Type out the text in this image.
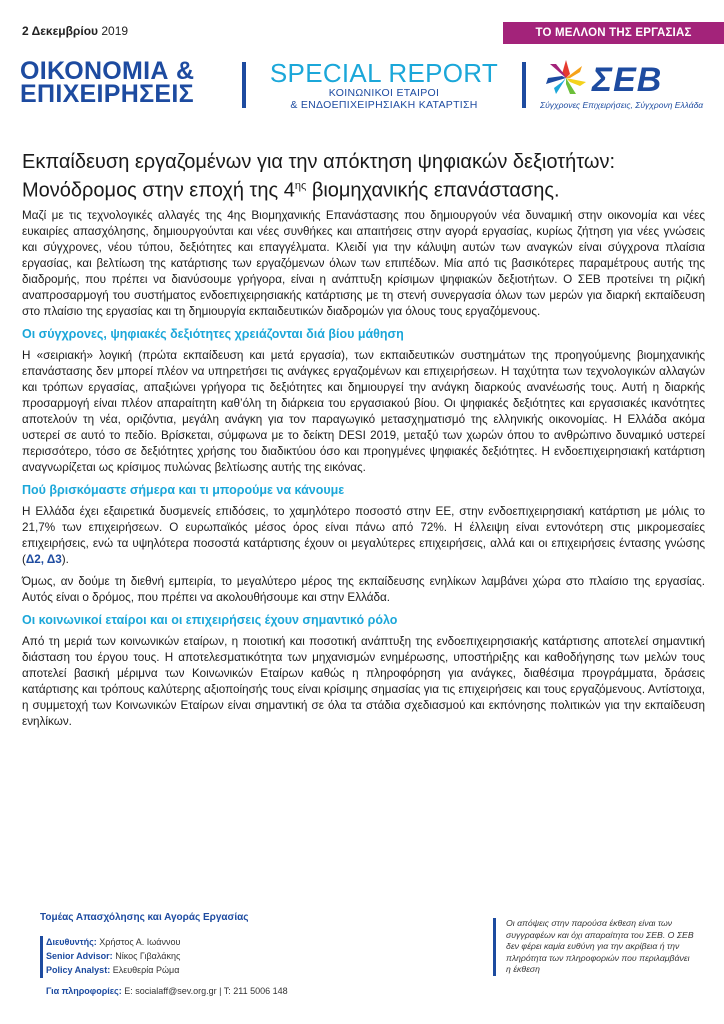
2 Δεκεμβρίου 2019	ΤΟ ΜΕΛΛΟΝ ΤΗΣ ΕΡΓΑΣΙΑΣ
ΟΙΚΟΝΟΜΙΑ &
ΕΠΙΧΕΙΡΗΣΕΙΣ
SPECIAL REPORT
ΚΟΙΝΩΝΙΚΟΙ ΕΤΑΙΡΟΙ
& ΕΝΔΟΕΠΙΧΕΙΡΗΣΙΑΚΗ ΚΑΤΑΡΤΙΣΗ
ΣΕΒ
Σύγχρονες Επιχειρήσεις, Σύγχρονη Ελλάδα
Εκπαίδευση εργαζομένων για την απόκτηση ψηφιακών δεξιοτήτων:
Μονόδρομος στην εποχή της $4^{\eta\varsigma}$ βιομηχανικής επανάστασης.

Μαζί με τις τεχνολογικές αλλαγές της 4ης Βιομηχανικής Επανάστασης που δημιουργούν νέα δυναμική στην οικονομία και νέες ευκαιρίες απασχόλησης, δημιουργούνται και νέες συνθήκες και απαιτήσεις στην αγορά εργασίας, κυρίως ζήτηση για νέες γνώσεις και σύγχρονες, νέου τύπου, δεξιότητες και επαγγέλματα. Κλειδί για την κάλυψη αυτών των αναγκών είναι σύγχρονα πλαίσια εργασίας, και βελτίωση της κατάρτισης των εργαζόμενων όλων των επιπέδων. Μία από τις βασικότερες παραμέτρους αυτής της διαδρομής, που πρέπει να διανύσουμε γρήγορα, είναι η ανάπτυξη κρίσιμων ψηφιακών δεξιοτήτων. Ο ΣΕΒ προτείνει τη ριζική αναπροσαρμογή του συστήματος ενδοεπιχειρησιακής κατάρτισης με τη στενή συνεργασία όλων των μερών για διαρκή εκπαίδευση στο πλαίσιο της εργασίας και τη δημιουργία εκπαιδευτικών διαδρομών για όλους τους εργαζόμενους.

Οι σύγχρονες, ψηφιακές δεξιότητες χρειάζονται διά βίου μάθηση

Η «σειριακή» λογική (πρώτα εκπαίδευση και μετά εργασία), των εκπαιδευτικών συστημάτων της προηγούμενης βιομηχανικής επανάστασης δεν μπορεί πλέον να υπηρετήσει τις ανάγκες εργαζομένων και επιχειρήσεων. Η ταχύτητα των τεχνολογικών αλλαγών και τρόπων εργασίας, απαξιώνει γρήγορα τις δεξιότητες και δημιουργεί την ανάγκη διαρκούς ανανέωσής τους. Αυτή η διαρκής προσαρμογή είναι πλέον απαραίτητη καθ’όλη τη διάρκεια του εργασιακού βίου. Οι ψηφιακές δεξιότητες και εργασιακές ικανότητες αποτελούν τη νέα, οριζόντια, μεγάλη ανάγκη για τον παραγωγικό μετασχηματισμό της ελληνικής οικονομίας. Η Ελλάδα ακόμα υστερεί σε αυτό το πεδίο. Βρίσκεται, σύμφωνα με το δείκτη DESI 2019, μεταξύ των χωρών όπου το ανθρώπινο δυναμικό υστερεί περισσότερο, τόσο σε δεξιότητες χρήσης του διαδικτύου όσο και προηγμένες ψηφιακές δεξιότητες. Η ενδοεπιχειρησιακή κατάρτιση αναγνωρίζεται ως κρίσιμος πυλώνας βελτίωσης αυτής της εικόνας.

Πού βρισκόμαστε σήμερα και τι μπορούμε να κάνουμε

Η Ελλάδα έχει εξαιρετικά δυσμενείς επιδόσεις, το χαμηλότερο ποσοστό στην ΕΕ, στην ενδοεπιχειρησιακή κατάρτιση με μόλις το 21,7% των επιχειρήσεων. Ο ευρωπαϊκός μέσος όρος είναι πάνω από 72%. Η έλλειψη είναι εντονότερη στις μικρομεσαίες επιχειρήσεις, ενώ τα υψηλότερα ποσοστά κατάρτισης έχουν οι μεγαλύτερες επιχειρήσεις, αλλά και οι επιχειρήσεις έντασης γνώσης (Δ2, Δ3).

Όμως, αν δούμε τη διεθνή εμπειρία, το μεγαλύτερο μέρος της εκπαίδευσης ενηλίκων λαμβάνει χώρα στο πλαίσιο της εργασίας. Αυτός είναι ο δρόμος, που πρέπει να ακολουθήσουμε και στην Ελλάδα.

Οι κοινωνικοί εταίροι και οι επιχειρήσεις έχουν σημαντικό ρόλο

Από τη μεριά των κοινωνικών εταίρων, η ποιοτική και ποσοτική ανάπτυξη της ενδοεπιχειρησιακής κατάρτισης αποτελεί σημαντική διάσταση του έργου τους. Η αποτελεσματικότητα των μηχανισμών ενημέρωσης, υποστήριξης και καθοδήγησης των μελών τους αποτελεί βασική μέριμνα των Κοινωνικών Εταίρων καθώς η πληροφόρηση για ανάγκες, διαθέσιμα προγράμματα, δράσεις κατάρτισης και τρόπους καλύτερης αξιοποίησής τους είναι κρίσιμης σημασίας για τις επιχειρήσεις και τους εργαζόμενους. Αντίστοιχα, η συμμετοχή των Κοινωνικών Εταίρων είναι σημαντική σε όλα τα στάδια σχεδιασμού και εκπόνησης πολιτικών για την εκπαίδευση ενηλίκων.

Τομέας Απασχόλησης και Αγοράς Εργασίας
Διευθυντής: Χρήστος Α. Ιωάννου
Senior Advisor: Νίκος Γιβαλάκης
Policy Analyst: Ελευθερία Ρώμα
Για πληροφορίες: E: socialaff@sev.org.gr | T: 211 5006 148
Οι απόψεις στην παρούσα έκθεση είναι των συγγραφέων και όχι απαραίτητα του ΣΕΒ. Ο ΣΕΒ δεν φέρει καμία ευθύνη για την ακρίβεια ή την πληρότητα των πληροφοριών που περιλαμβάνει η έκθεση
